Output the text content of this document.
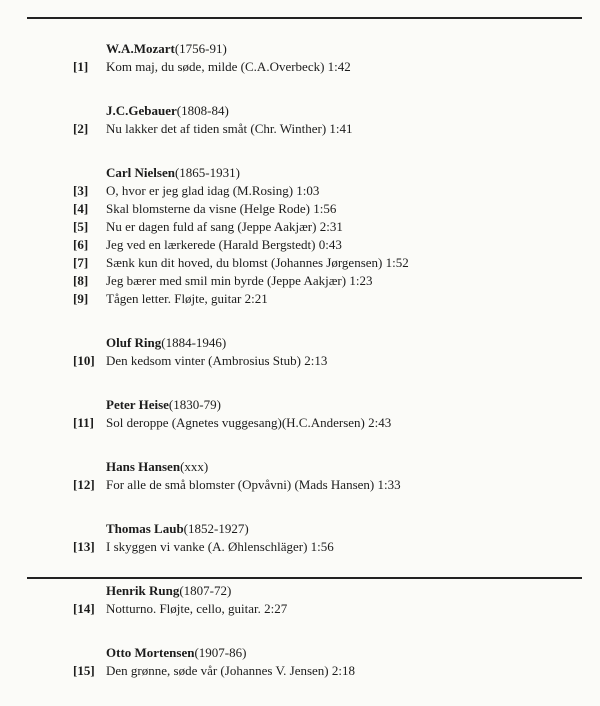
W.A.Mozart(1756-91)
[1]	Kom maj, du søde, milde (C.A.Overbeck) 1:42
J.C.Gebauer(1808-84)
[2]	Nu lakker det af tiden småt (Chr. Winther) 1:41
Carl Nielsen(1865-1931)
[3]	O, hvor er jeg glad idag (M.Rosing) 1:03
[4]	Skal blomsterne da visne (Helge Rode) 1:56
[5]	Nu er dagen fuld af sang (Jeppe Aakjær) 2:31
[6]	Jeg ved en lærkerede (Harald Bergstedt) 0:43
[7]	Sænk kun dit hoved, du blomst (Johannes Jørgensen) 1:52
[8]	Jeg bærer med smil min byrde (Jeppe Aakjær) 1:23
[9]	Tågen letter. Fløjte, guitar 2:21
Oluf Ring(1884-1946)
[10] Den kedsom vinter (Ambrosius Stub) 2:13
Peter Heise(1830-79)
[11] Sol deroppe (Agnetes vuggesang)(H.C.Andersen) 2:43
Hans Hansen(xxx)
[12] For alle de små blomster (Opvåvni) (Mads Hansen) 1:33
Thomas Laub(1852-1927)
[13] I skyggen vi vanke (A. Øhlenschläger) 1:56
Henrik Rung(1807-72)
[14] Notturno. Fløjte, cello, guitar. 2:27
Otto Mortensen(1907-86)
[15] Den grønne, søde vår (Johannes V. Jensen) 2:18
